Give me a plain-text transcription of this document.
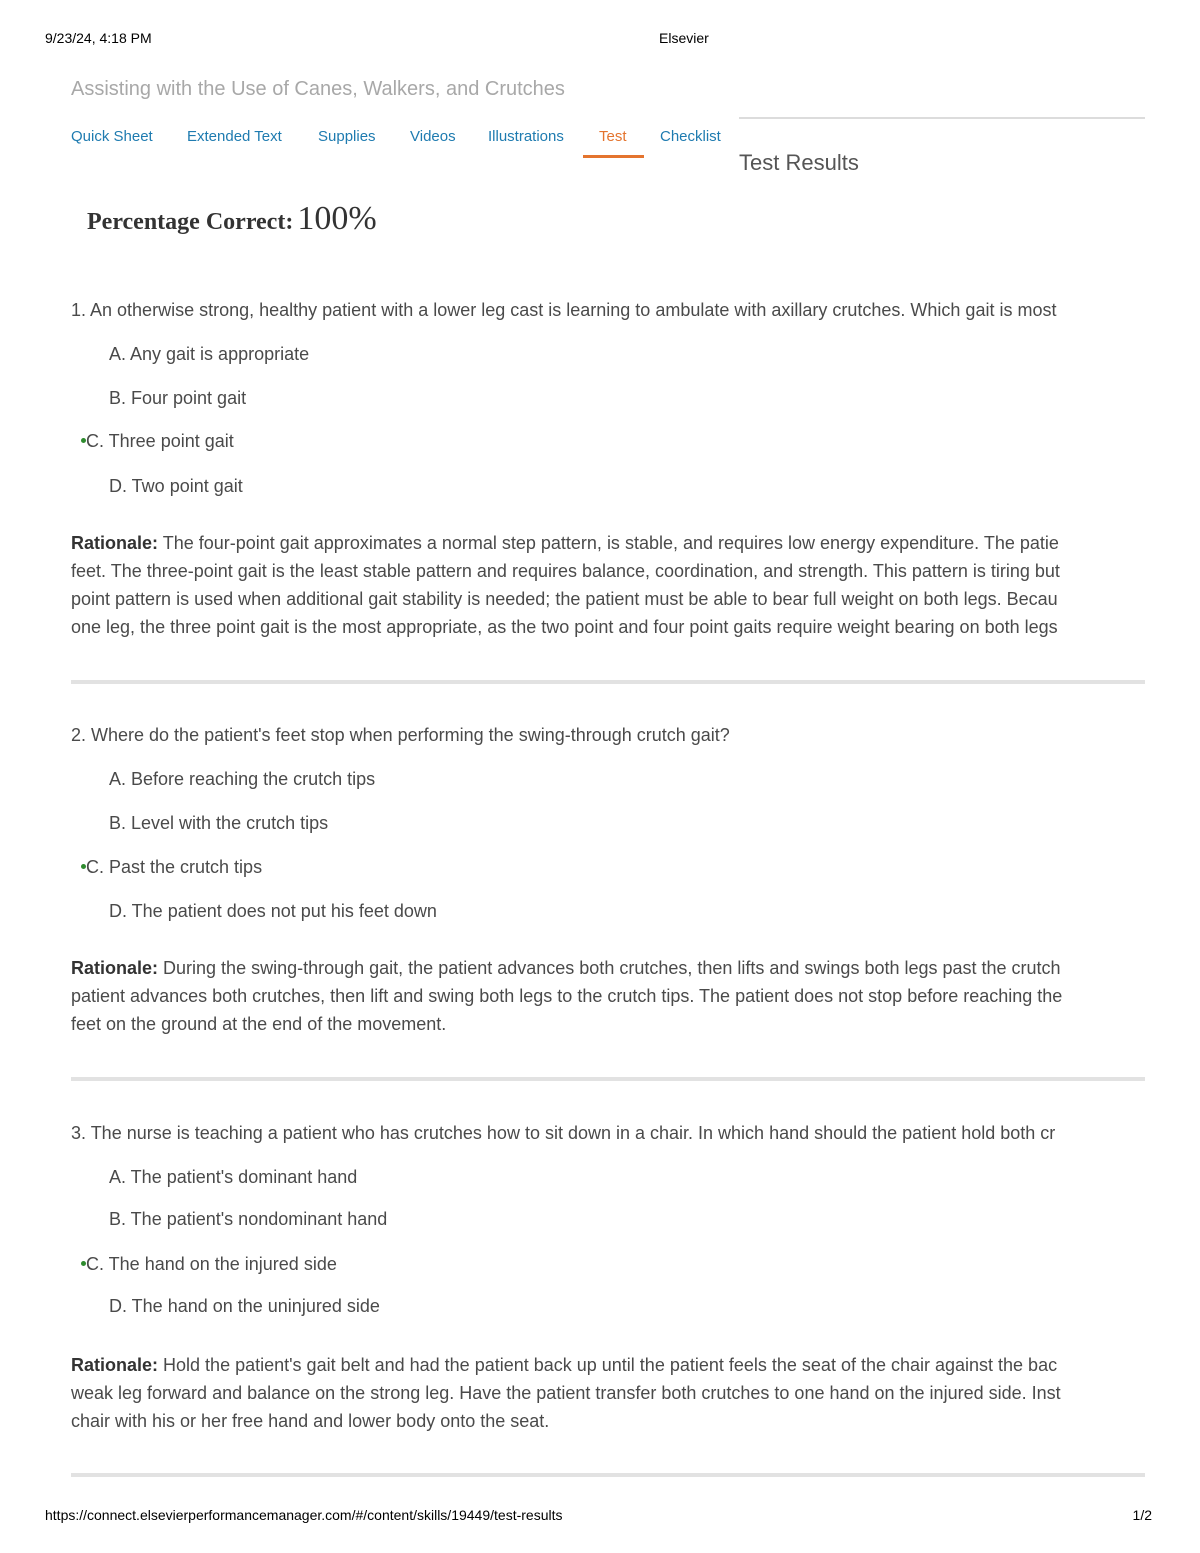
9/23/24, 4:18 PM	Elsevier
Assisting with the Use of Canes, Walkers, and Crutches
Quick Sheet Extended Text Supplies Videos Illustrations Test Checklist
Test Results
Percentage Correct: 100%
1. An otherwise strong, healthy patient with a lower leg cast is learning to ambulate with axillary crutches. Which gait is most
A. Any gait is appropriate
B. Four point gait
C. Three point gait
D. Two point gait
Rationale: The four-point gait approximates a normal step pattern, is stable, and requires low energy expenditure. The patie
feet. The three-point gait is the least stable pattern and requires balance, coordination, and strength. This pattern is tiring but
point pattern is used when additional gait stability is needed; the patient must be able to bear full weight on both legs. Becau
one leg, the three point gait is the most appropriate, as the two point and four point gaits require weight bearing on both legs
2. Where do the patient's feet stop when performing the swing-through crutch gait?
A. Before reaching the crutch tips
B. Level with the crutch tips
C. Past the crutch tips
D. The patient does not put his feet down
Rationale: During the swing-through gait, the patient advances both crutches, then lifts and swings both legs past the crutch
patient advances both crutches, then lift and swing both legs to the crutch tips. The patient does not stop before reaching the
feet on the ground at the end of the movement.
3. The nurse is teaching a patient who has crutches how to sit down in a chair. In which hand should the patient hold both cr
A. The patient's dominant hand
B. The patient's nondominant hand
C. The hand on the injured side
D. The hand on the uninjured side
Rationale: Hold the patient's gait belt and had the patient back up until the patient feels the seat of the chair against the bac
weak leg forward and balance on the strong leg. Have the patient transfer both crutches to one hand on the injured side. Inst
chair with his or her free hand and lower body onto the seat.
https://connect.elsevierperformancemanager.com/#/content/skills/19449/test-results	1/2
